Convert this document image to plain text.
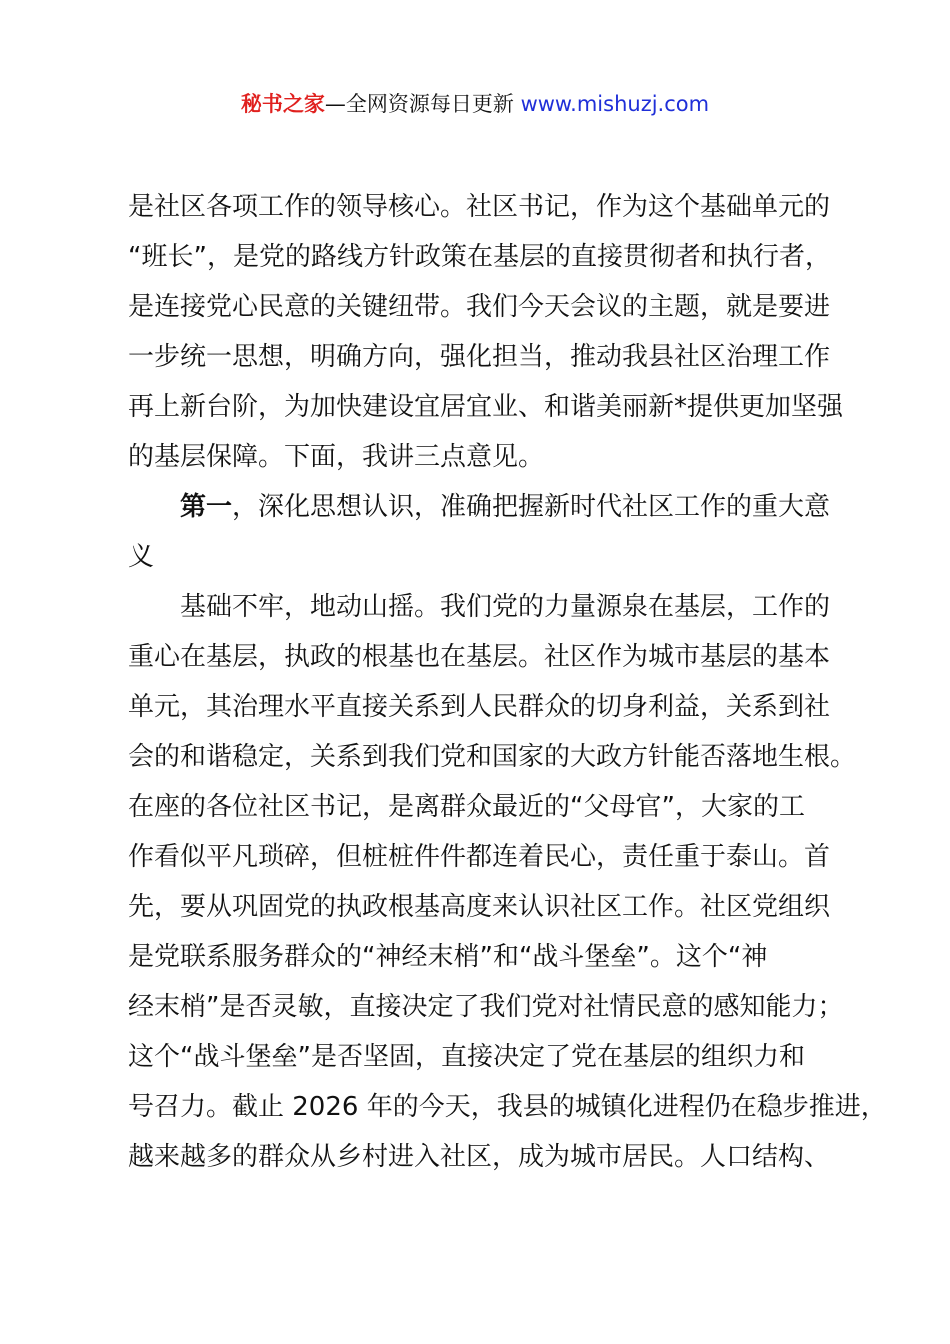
秘书之家—全网资源每日更新 www.mishuzj.com
是社区各项工作的领导核心。社区书记，作为这个基础单元的
“班长”，是党的路线方针政策在基层的直接贯彻者和执行者，
是连接党心民意的关键纽带。我们今天会议的主题，就是要进
一步统一思想，明确方向，强化担当，推动我县社区治理工作
再上新台阶，为加快建设宜居宜业、和谐美丽新*提供更加坚强
的基层保障。下面，我讲三点意见。
第一，深化思想认识，准确把握新时代社区工作的重大意
义
基础不牢，地动山摇。我们党的力量源泉在基层，工作的
重心在基层，执政的根基也在基层。社区作为城市基层的基本
单元，其治理水平直接关系到人民群众的切身利益，关系到社
会的和谐稳定，关系到我们党和国家的大政方针能否落地生根。
在座的各位社区书记，是离群众最近的“父母官”，大家的工
作看似平凡琐碎，但桩桩件件都连着民心，责任重于泰山。首
先，要从巩固党的执政根基高度来认识社区工作。社区党组织
是党联系服务群众的“神经末梢”和“战斗堡垒”。这个“神
经末梢”是否灵敏，直接决定了我们党对社情民意的感知能力；
这个“战斗堡垒”是否坚固，直接决定了党在基层的组织力和
号召力。截止 2026 年的今天，我县的城镇化进程仍在稳步推进，
越来越多的群众从乡村进入社区，成为城市居民。人口结构、
